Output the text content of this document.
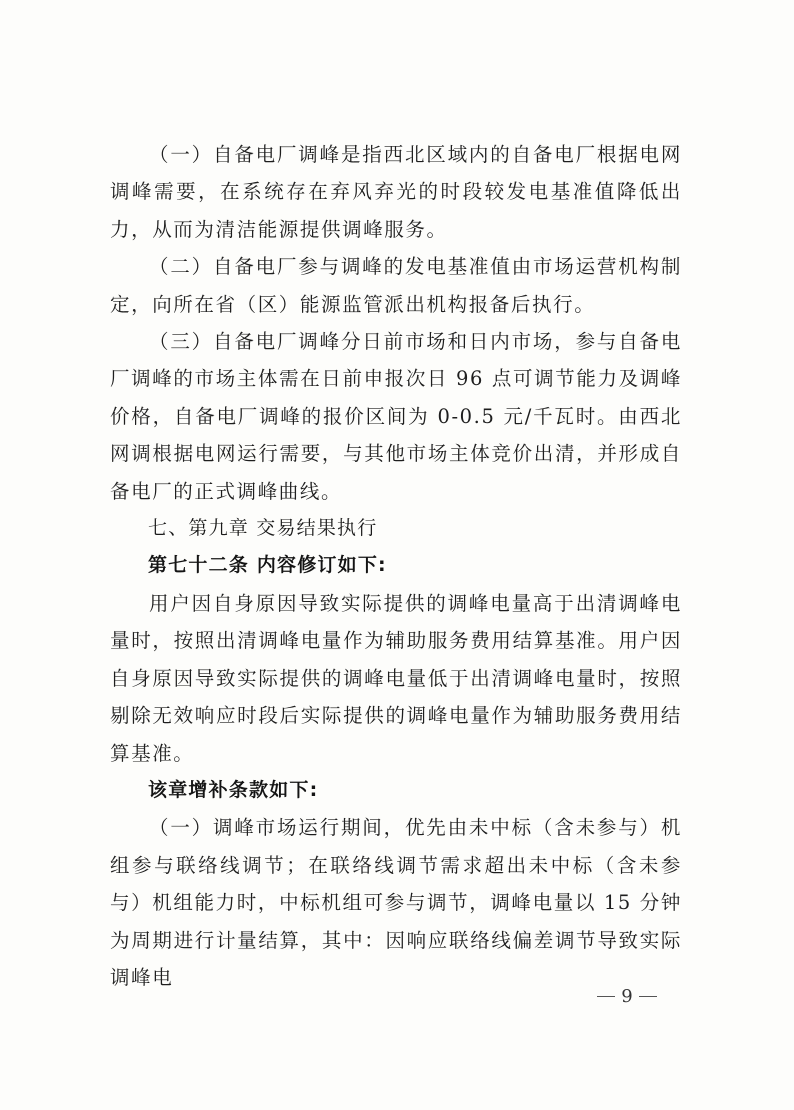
（一）自备电厂调峰是指西北区域内的自备电厂根据电网调峰需要，在系统存在弃风弃光的时段较发电基准值降低出力，从而为清洁能源提供调峰服务。

（二）自备电厂参与调峰的发电基准值由市场运营机构制定，向所在省（区）能源监管派出机构报备后执行。

（三）自备电厂调峰分日前市场和日内市场，参与自备电厂调峰的市场主体需在日前申报次日 96 点可调节能力及调峰价格，自备电厂调峰的报价区间为 0-0.5 元/千瓦时。由西北网调根据电网运行需要，与其他市场主体竞价出清，并形成自备电厂的正式调峰曲线。

七、第九章 交易结果执行

第七十二条 内容修订如下:

用户因自身原因导致实际提供的调峰电量高于出清调峰电量时，按照出清调峰电量作为辅助服务费用结算基准。用户因自身原因导致实际提供的调峰电量低于出清调峰电量时，按照剔除无效响应时段后实际提供的调峰电量作为辅助服务费用结算基准。

该章增补条款如下:

（一）调峰市场运行期间，优先由未中标（含未参与）机组参与联络线调节；在联络线调节需求超出未中标（含未参与）机组能力时，中标机组可参与调节，调峰电量以 15 分钟为周期进行计量结算，其中：因响应联络线偏差调节导致实际调峰电

9
